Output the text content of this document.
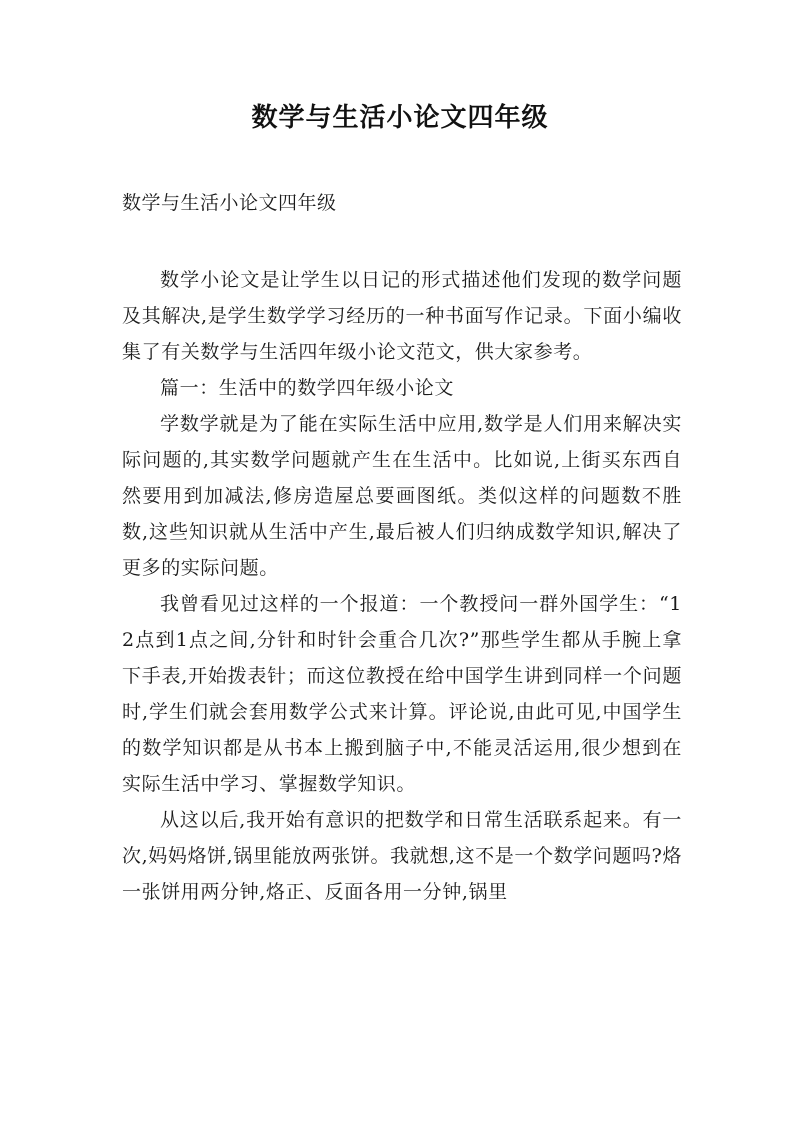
数学与生活小论文四年级
数学与生活小论文四年级

数学小论文是让学生以日记的形式描述他们发现的数学问题及其解决,是学生数学学习经历的一种书面写作记录。下面小编收集了有关数学与生活四年级小论文范文，供大家参考。

篇一：生活中的数学四年级小论文

学数学就是为了能在实际生活中应用,数学是人们用来解决实际问题的,其实数学问题就产生在生活中。比如说,上街买东西自然要用到加减法,修房造屋总要画图纸。类似这样的问题数不胜数,这些知识就从生活中产生,最后被人们归纳成数学知识,解决了更多的实际问题。

我曾看见过这样的一个报道：一个教授问一群外国学生：“12点到1点之间,分针和时针会重合几次?”那些学生都从手腕上拿下手表,开始拨表针；而这位教授在给中国学生讲到同样一个问题时,学生们就会套用数学公式来计算。评论说,由此可见,中国学生的数学知识都是从书本上搬到脑子中,不能灵活运用,很少想到在实际生活中学习、掌握数学知识。

从这以后,我开始有意识的把数学和日常生活联系起来。有一次,妈妈烙饼,锅里能放两张饼。我就想,这不是一个数学问题吗?烙一张饼用两分钟,烙正、反面各用一分钟,锅里
